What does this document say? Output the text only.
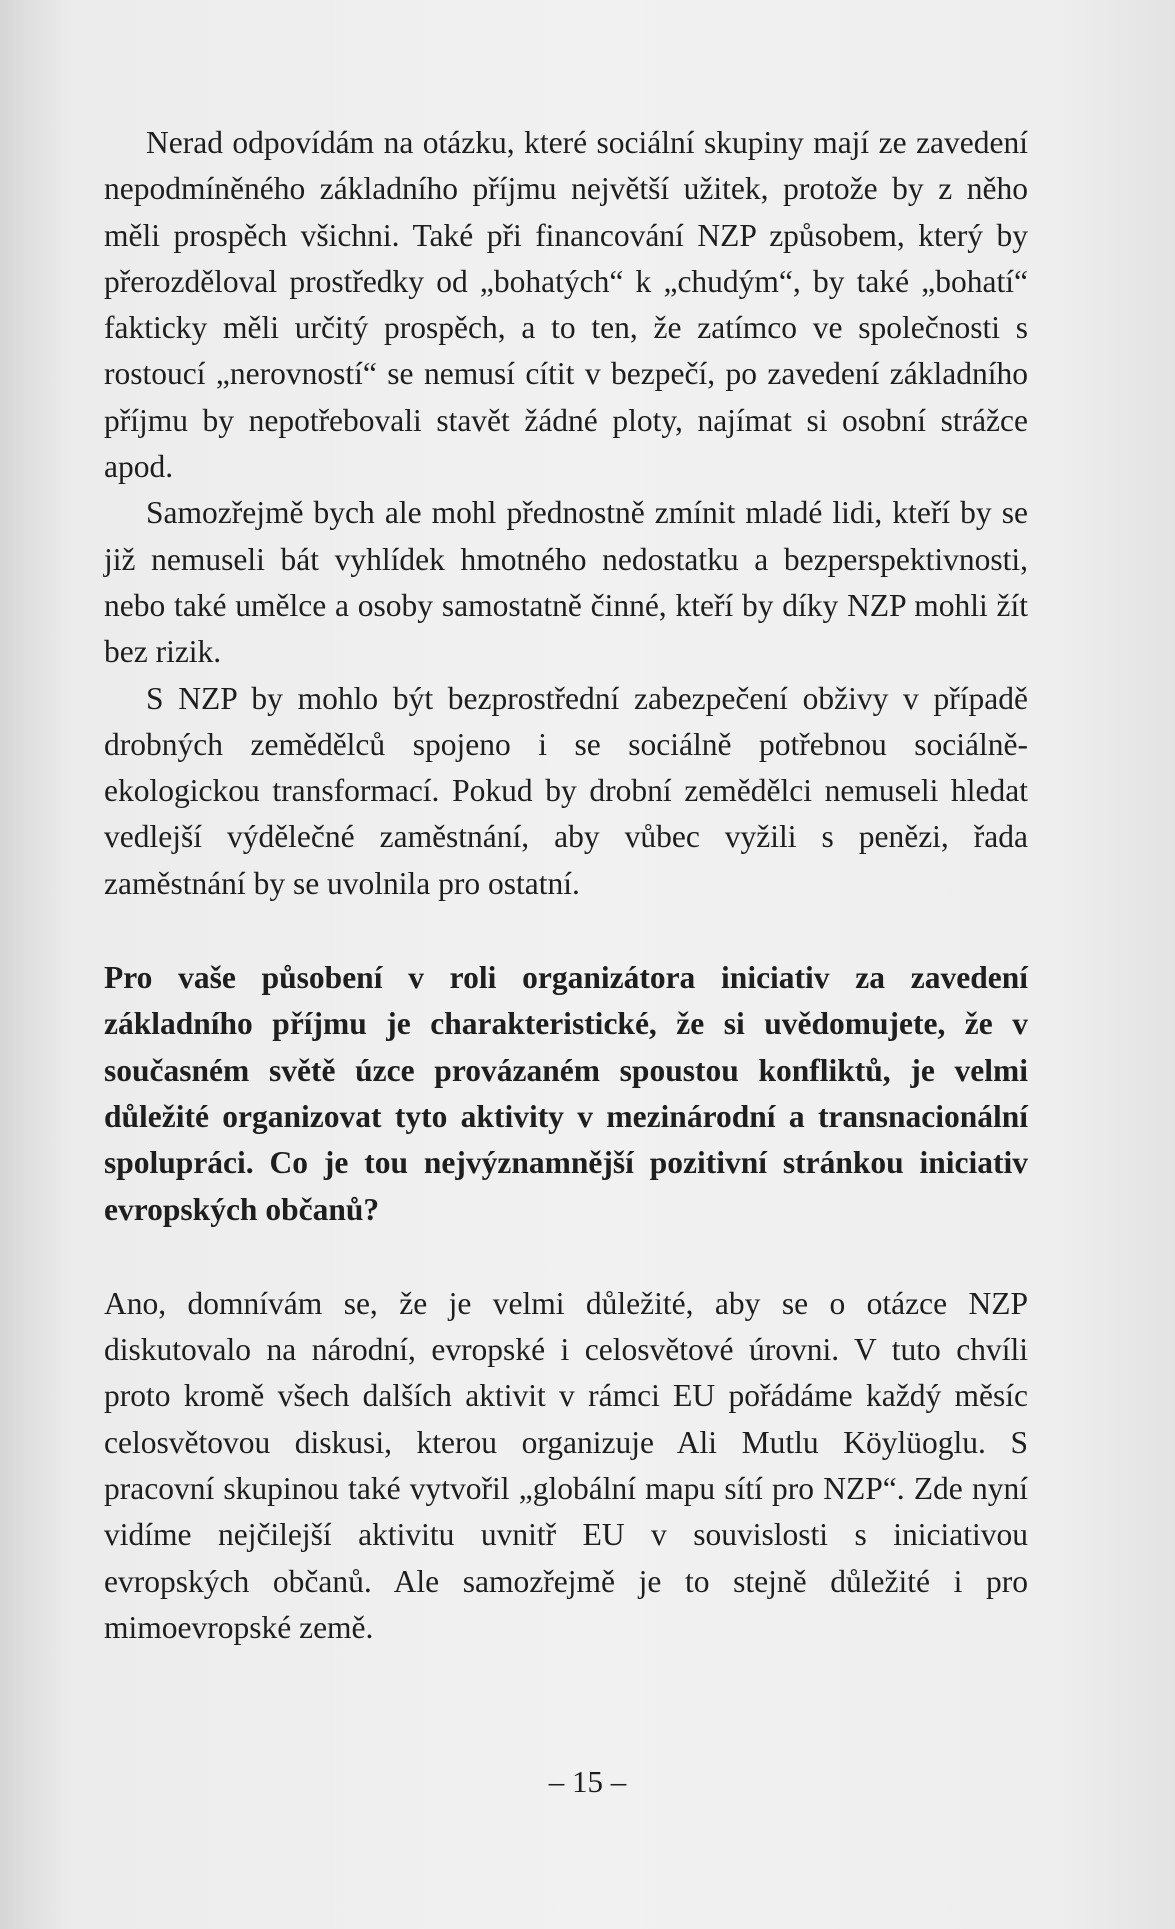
Nerad odpovídám na otázku, které sociální skupiny mají ze zavedení nepodmíněného základního příjmu největší užitek, protože by z něho měli prospěch všichni. Také při financování NZP způsobem, který by přerozděloval prostředky od „bohatých“ k „chudým“, by také „bohatí“ fakticky měli určitý prospěch, a to ten, že zatímco ve společnosti s rostoucí „nerovností“ se nemusí cítit v bezpečí, po zavedení základního příjmu by nepotřebovali stavět žádné ploty, najímat si osobní strážce apod.

Samozřejmě bych ale mohl přednostně zmínit mladé lidi, kteří by se již nemuseli bát vyhlídek hmotného nedostatku a bezperspektivnosti, nebo také umělce a osoby samostatně činné, kteří by díky NZP mohli žít bez rizik.

S NZP by mohlo být bezprostřední zabezpečení obživy v případě drobných zemědělců spojeno i se sociálně potřebnou sociálně-ekologickou transformací. Pokud by drobní zemědělci nemuseli hledat vedlejší výdělečné zaměstnání, aby vůbec vyžili s penězi, řada zaměstnání by se uvolnila pro ostatní.

Pro vaše působení v roli organizátora iniciativ za zavedení základního příjmu je charakteristické, že si uvědomujete, že v současném světě úzce provázaném spoustou konfliktů, je velmi důležité organizovat tyto aktivity v mezinárodní a transnacionální spolupráci. Co je tou nejvýznamnější pozitivní stránkou iniciativ evropských občanů?

Ano, domnívám se, že je velmi důležité, aby se o otázce NZP diskutovalo na národní, evropské i celosvětové úrovni. V tuto chvíli proto kromě všech dalších aktivit v rámci EU pořádáme každý měsíc celosvětovou diskusi, kterou organizuje Ali Mutlu Köylüoglu. S pracovní skupinou také vytvořil „globální mapu sítí pro NZP“. Zde nyní vidíme nejčilejší aktivitu uvnitř EU v souvislosti s iniciativou evropských občanů. Ale samozřejmě je to stejně důležité i pro mimoevropské země.

– 15 –
